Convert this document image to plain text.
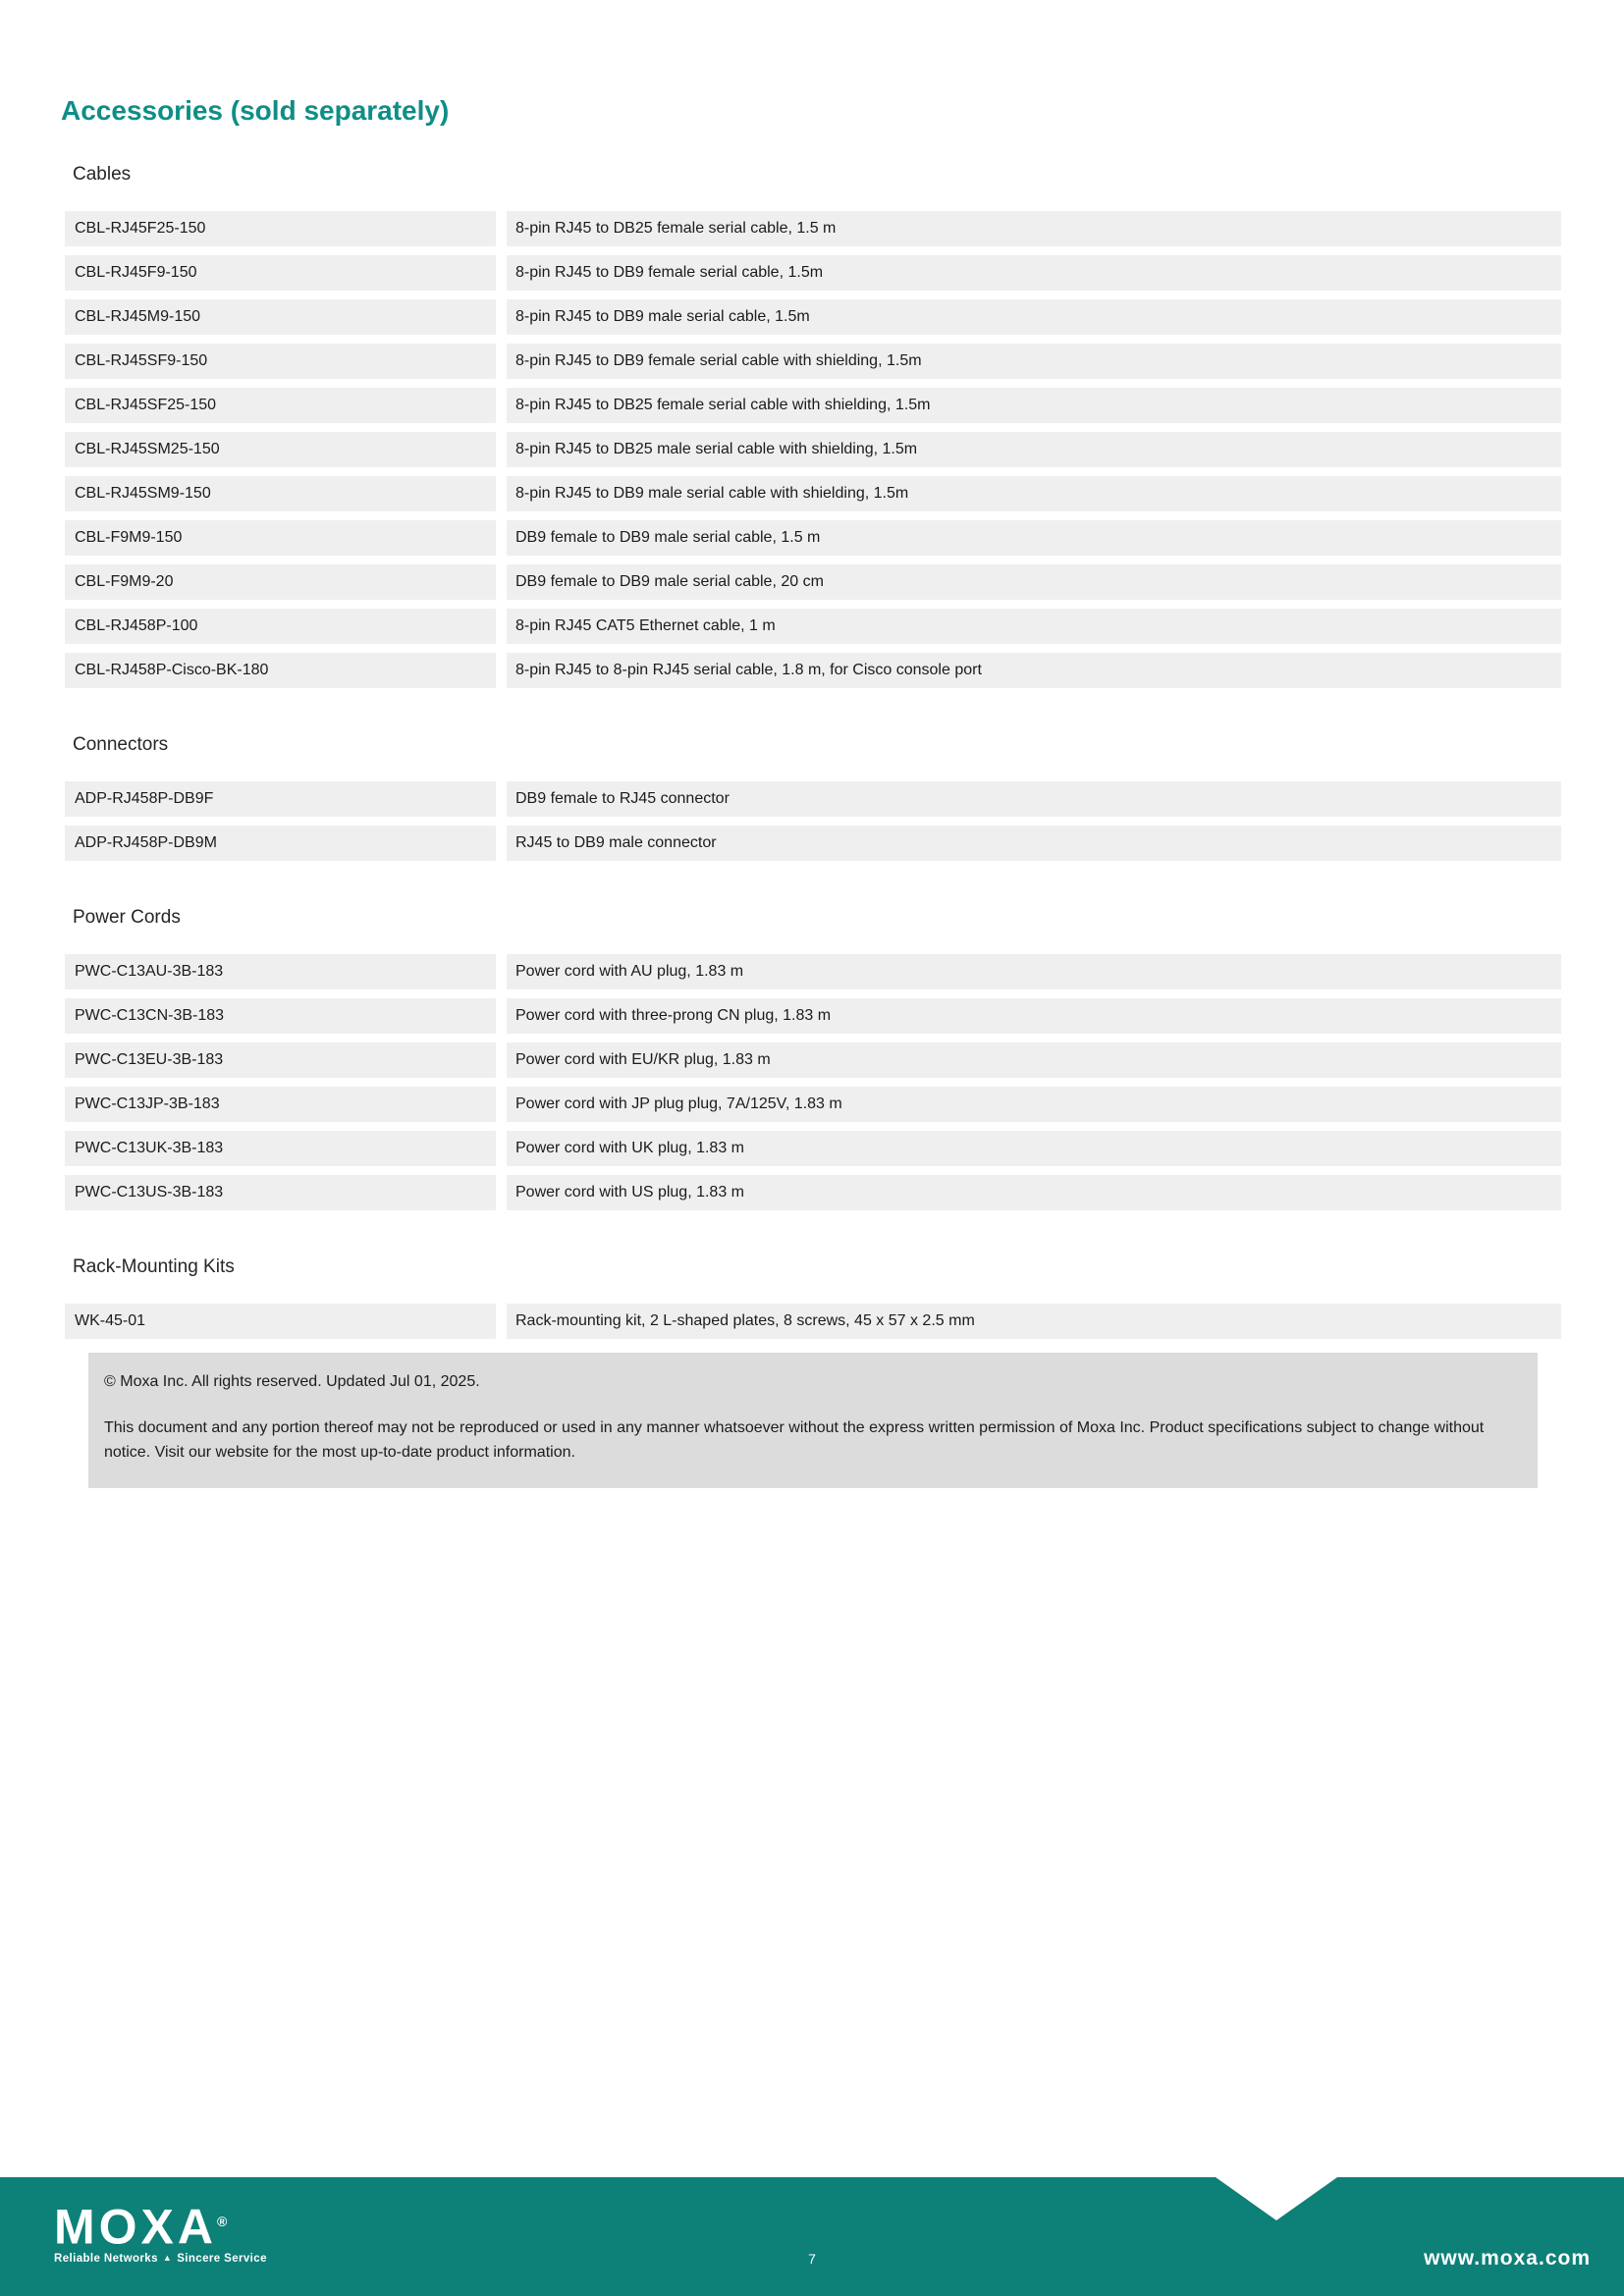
Accessories (sold separately)
Cables
CBL-RJ45F25-150	8-pin RJ45 to DB25 female serial cable, 1.5 m
CBL-RJ45F9-150	8-pin RJ45 to DB9 female serial cable, 1.5m
CBL-RJ45M9-150	8-pin RJ45 to DB9 male serial cable, 1.5m
CBL-RJ45SF9-150	8-pin RJ45 to DB9 female serial cable with shielding, 1.5m
CBL-RJ45SF25-150	8-pin RJ45 to DB25 female serial cable with shielding, 1.5m
CBL-RJ45SM25-150	8-pin RJ45 to DB25 male serial cable with shielding, 1.5m
CBL-RJ45SM9-150	8-pin RJ45 to DB9 male serial cable with shielding, 1.5m
CBL-F9M9-150	DB9 female to DB9 male serial cable, 1.5 m
CBL-F9M9-20	DB9 female to DB9 male serial cable, 20 cm
CBL-RJ458P-100	8-pin RJ45 CAT5 Ethernet cable, 1 m
CBL-RJ458P-Cisco-BK-180	8-pin RJ45 to 8-pin RJ45 serial cable, 1.8 m, for Cisco console port
Connectors
ADP-RJ458P-DB9F	DB9 female to RJ45 connector
ADP-RJ458P-DB9M	RJ45 to DB9 male connector
Power Cords
PWC-C13AU-3B-183	Power cord with AU plug, 1.83 m
PWC-C13CN-3B-183	Power cord with three-prong CN plug, 1.83 m
PWC-C13EU-3B-183	Power cord with EU/KR plug, 1.83 m
PWC-C13JP-3B-183	Power cord with JP plug plug, 7A/125V, 1.83 m
PWC-C13UK-3B-183	Power cord with UK plug, 1.83 m
PWC-C13US-3B-183	Power cord with US plug, 1.83 m
Rack-Mounting Kits
WK-45-01	Rack-mounting kit, 2 L-shaped plates, 8 screws, 45 x 57 x 2.5 mm

© Moxa Inc. All rights reserved. Updated Jul 01, 2025.

This document and any portion thereof may not be reproduced or used in any manner whatsoever without the express written permission of Moxa Inc. Product specifications subject to change without notice. Visit our website for the most up-to-date product information.

MOXA®
Reliable Networks ▲ Sincere Service	7	www.moxa.com
